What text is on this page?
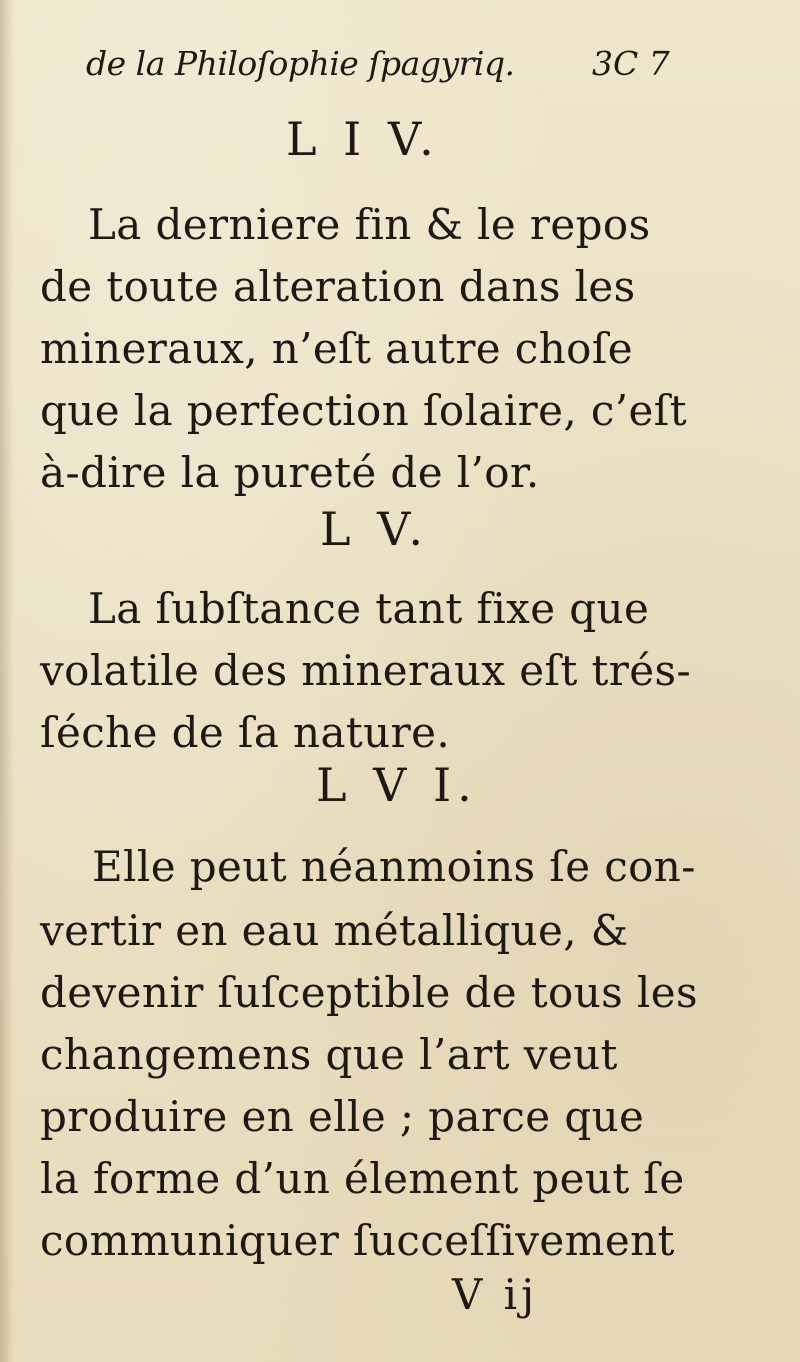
de la Philoſophie ſpagyriq. 3C 7
L I V.
La derniere fin & le repos
de toute alteration dans les
mineraux, n’eſt autre choſe
que la perfection ſolaire, c’eſt
à-dire la pureté de l’or.
L V.
La ſubſtance tant fixe que
volatile des mineraux eſt trés-
ſéche de ſa nature.
L V I.
Elle peut néanmoins ſe con-
vertir en eau métallique, &
devenir ſuſceptible de tous les
changemens que l’art veut
produire en elle ; parce que
la forme d’un élement peut ſe
communiquer ſucceſſivement
V ij
